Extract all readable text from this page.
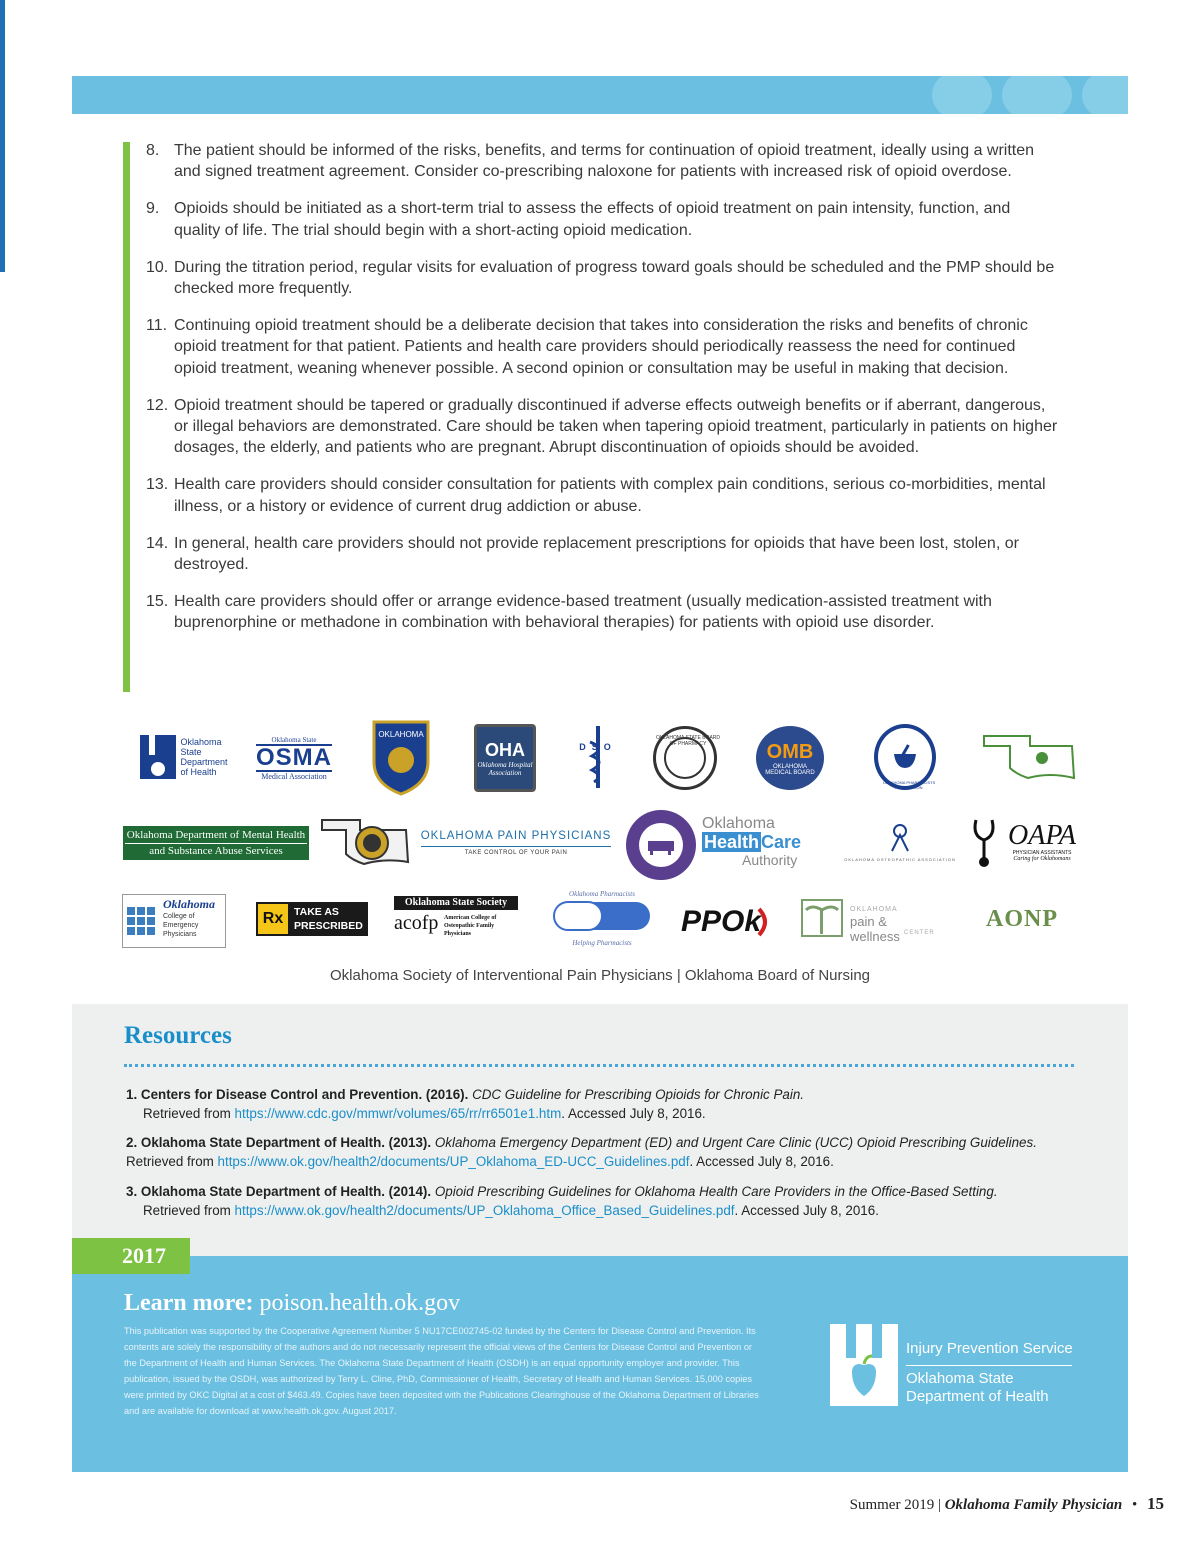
8. The patient should be informed of the risks, benefits, and terms for continuation of opioid treatment, ideally using a written and signed treatment agreement. Consider co-prescribing naloxone for patients with increased risk of opioid overdose.
9. Opioids should be initiated as a short-term trial to assess the effects of opioid treatment on pain intensity, function, and quality of life. The trial should begin with a short-acting opioid medication.
10. During the titration period, regular visits for evaluation of progress toward goals should be scheduled and the PMP should be checked more frequently.
11. Continuing opioid treatment should be a deliberate decision that takes into consideration the risks and benefits of chronic opioid treatment for that patient. Patients and health care providers should periodically reassess the need for continued opioid treatment, weaning whenever possible. A second opinion or consultation may be useful in making that decision.
12. Opioid treatment should be tapered or gradually discontinued if adverse effects outweigh benefits or if aberrant, dangerous, or illegal behaviors are demonstrated. Care should be taken when tapering opioid treatment, particularly in patients on higher dosages, the elderly, and patients who are pregnant. Abrupt discontinuation of opioids should be avoided.
13. Health care providers should consider consultation for patients with complex pain conditions, serious co-morbidities, mental illness, or a history or evidence of current drug addiction or abuse.
14. In general, health care providers should not provide replacement prescriptions for opioids that have been lost, stolen, or destroyed.
15. Health care providers should offer or arrange evidence-based treatment (usually medication-assisted treatment with buprenorphine or methadone in combination with behavioral therapies) for patients with opioid use disorder.
Oklahoma State Department of Health
Oklahoma State
OSMA
Medical Association
OKLAHOMA
OHA
Oklahoma Hospital Association
DSO
OKLAHOMA STATE BOARD OF PHARMACY	OMB
OKLAHOMA MEDICAL BOARD
OKLAHOMA PHARMACISTS ASSOCIATION
Oklahoma Department of Mental Health
and Substance Abuse Services
OKLAHOMA PAIN PHYSICIANS
TAKE CONTROL OF YOUR PAIN
Oklahoma
Health Care
Authority	OKLAHOMA OSTEOPATHIC ASSOCIATION
OAPA
PHYSICIAN ASSISTANTS
Caring for Oklahomans
Oklahoma
College of Emergency Physicians
Rx	TAKE AS PRESCRIBED
Oklahoma State Society
acofp American College of Osteopathic Family Physicians
Oklahoma Pharmacists
Helping Pharmacists
PPOk	OKLAHOMA
pain & wellness CENTER
AONP
Oklahoma Society of Interventional Pain Physicians | Oklahoma Board of Nursing
Resources
1. Centers for Disease Control and Prevention. (2016). CDC Guideline for Prescribing Opioids for Chronic Pain.
Retrieved from https://www.cdc.gov/mmwr/volumes/65/rr/rr6501e1.htm. Accessed July 8, 2016.
2. Oklahoma State Department of Health. (2013). Oklahoma Emergency Department (ED) and Urgent Care Clinic (UCC) Opioid Prescribing Guidelines. Retrieved from https://www.ok.gov/health2/documents/UP_Oklahoma_ED-UCC_Guidelines.pdf. Accessed July 8, 2016.
3. Oklahoma State Department of Health. (2014). Opioid Prescribing Guidelines for Oklahoma Health Care Providers in the Office-Based Setting.
Retrieved from https://www.ok.gov/health2/documents/UP_Oklahoma_Office_Based_Guidelines.pdf. Accessed July 8, 2016.
2017
Learn more: poison.health.ok.gov
This publication was supported by the Cooperative Agreement Number 5 NU17CE002745-02 funded by the Centers for Disease Control and Prevention. Its contents are solely the responsibility of the authors and do not necessarily represent the official views of the Centers for Disease Control and Prevention or the Department of Health and Human Services. The Oklahoma State Department of Health (OSDH) is an equal opportunity employer and provider. This publication, issued by the OSDH, was authorized by Terry L. Cline, PhD, Commissioner of Health, Secretary of Health and Human Services. 15,000 copies were printed by OKC Digital at a cost of $463.49. Copies have been deposited with the Publications Clearinghouse of the Oklahoma Department of Libraries and are available for download at www.health.ok.gov. August 2017.
Injury Prevention Service
Oklahoma State
Department of Health
Summer 2019 | Oklahoma Family Physician • 15
